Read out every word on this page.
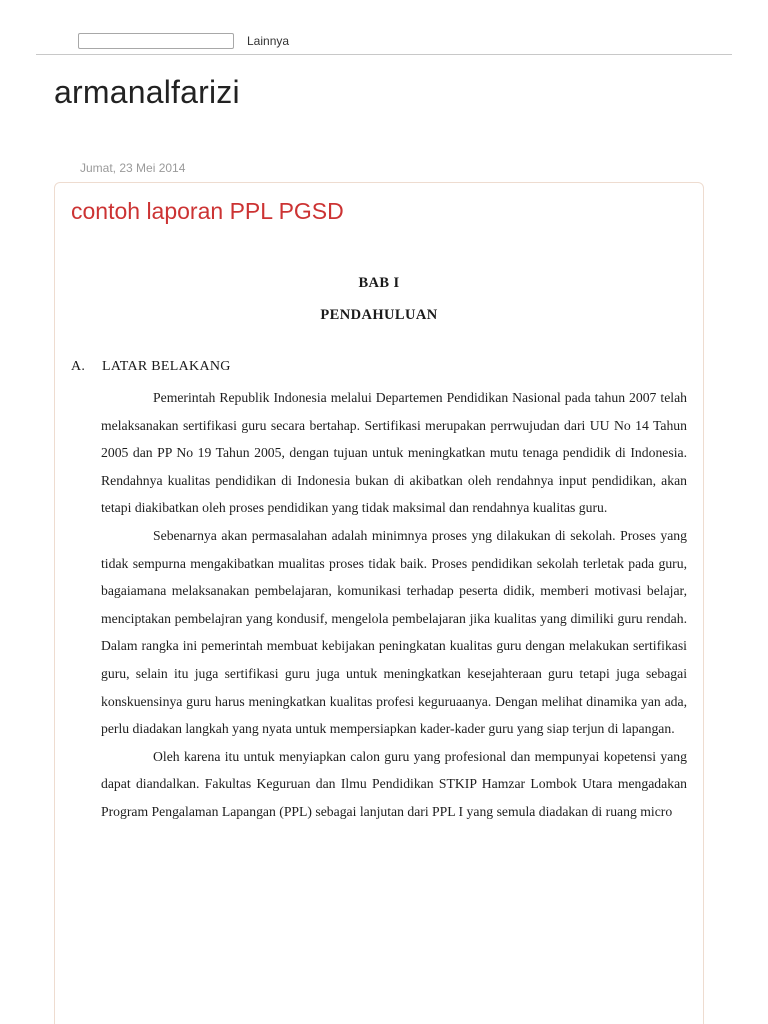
Lainnya
armanalfarizi
Jumat, 23 Mei 2014
contoh laporan PPL PGSD
BAB I
PENDAHULUAN
A. LATAR BELAKANG

Pemerintah Republik Indonesia melalui Departemen Pendidikan Nasional pada tahun 2007 telah melaksanakan sertifikasi guru secara bertahap. Sertifikasi merupakan perrwujudan dari UU No 14 Tahun 2005 dan PP No 19 Tahun 2005, dengan tujuan untuk meningkatkan mutu tenaga pendidik di Indonesia. Rendahnya kualitas pendidikan di Indonesia bukan di akibatkan oleh rendahnya input pendidikan, akan tetapi diakibatkan oleh proses pendidikan yang tidak maksimal dan rendahnya kualitas guru.

Sebenarnya akan permasalahan adalah minimnya proses yng dilakukan di sekolah. Proses yang tidak sempurna mengakibatkan mualitas proses tidak baik. Proses pendidikan sekolah terletak pada guru, bagaiamana melaksanakan pembelajaran, komunikasi terhadap peserta didik, memberi motivasi belajar, menciptakan pembelajran yang kondusif, mengelola pembelajaran jika kualitas yang dimiliki guru rendah. Dalam rangka ini pemerintah membuat kebijakan peningkatan kualitas guru dengan melakukan sertifikasi guru, selain itu juga sertifikasi guru juga untuk meningkatkan kesejahteraan guru tetapi juga sebagai konskuensinya guru harus meningkatkan kualitas profesi keguruaanya. Dengan melihat dinamika yan ada, perlu diadakan langkah yang nyata untuk mempersiapkan kader-kader guru yang siap terjun di lapangan.

Oleh karena itu untuk menyiapkan calon guru yang profesional dan mempunyai kopetensi yang dapat diandalkan. Fakultas Keguruan dan Ilmu Pendidikan STKIP Hamzar Lombok Utara mengadakan Program Pengalaman Lapangan (PPL) sebagai lanjutan dari PPL I yang semula diadakan di ruang micro
